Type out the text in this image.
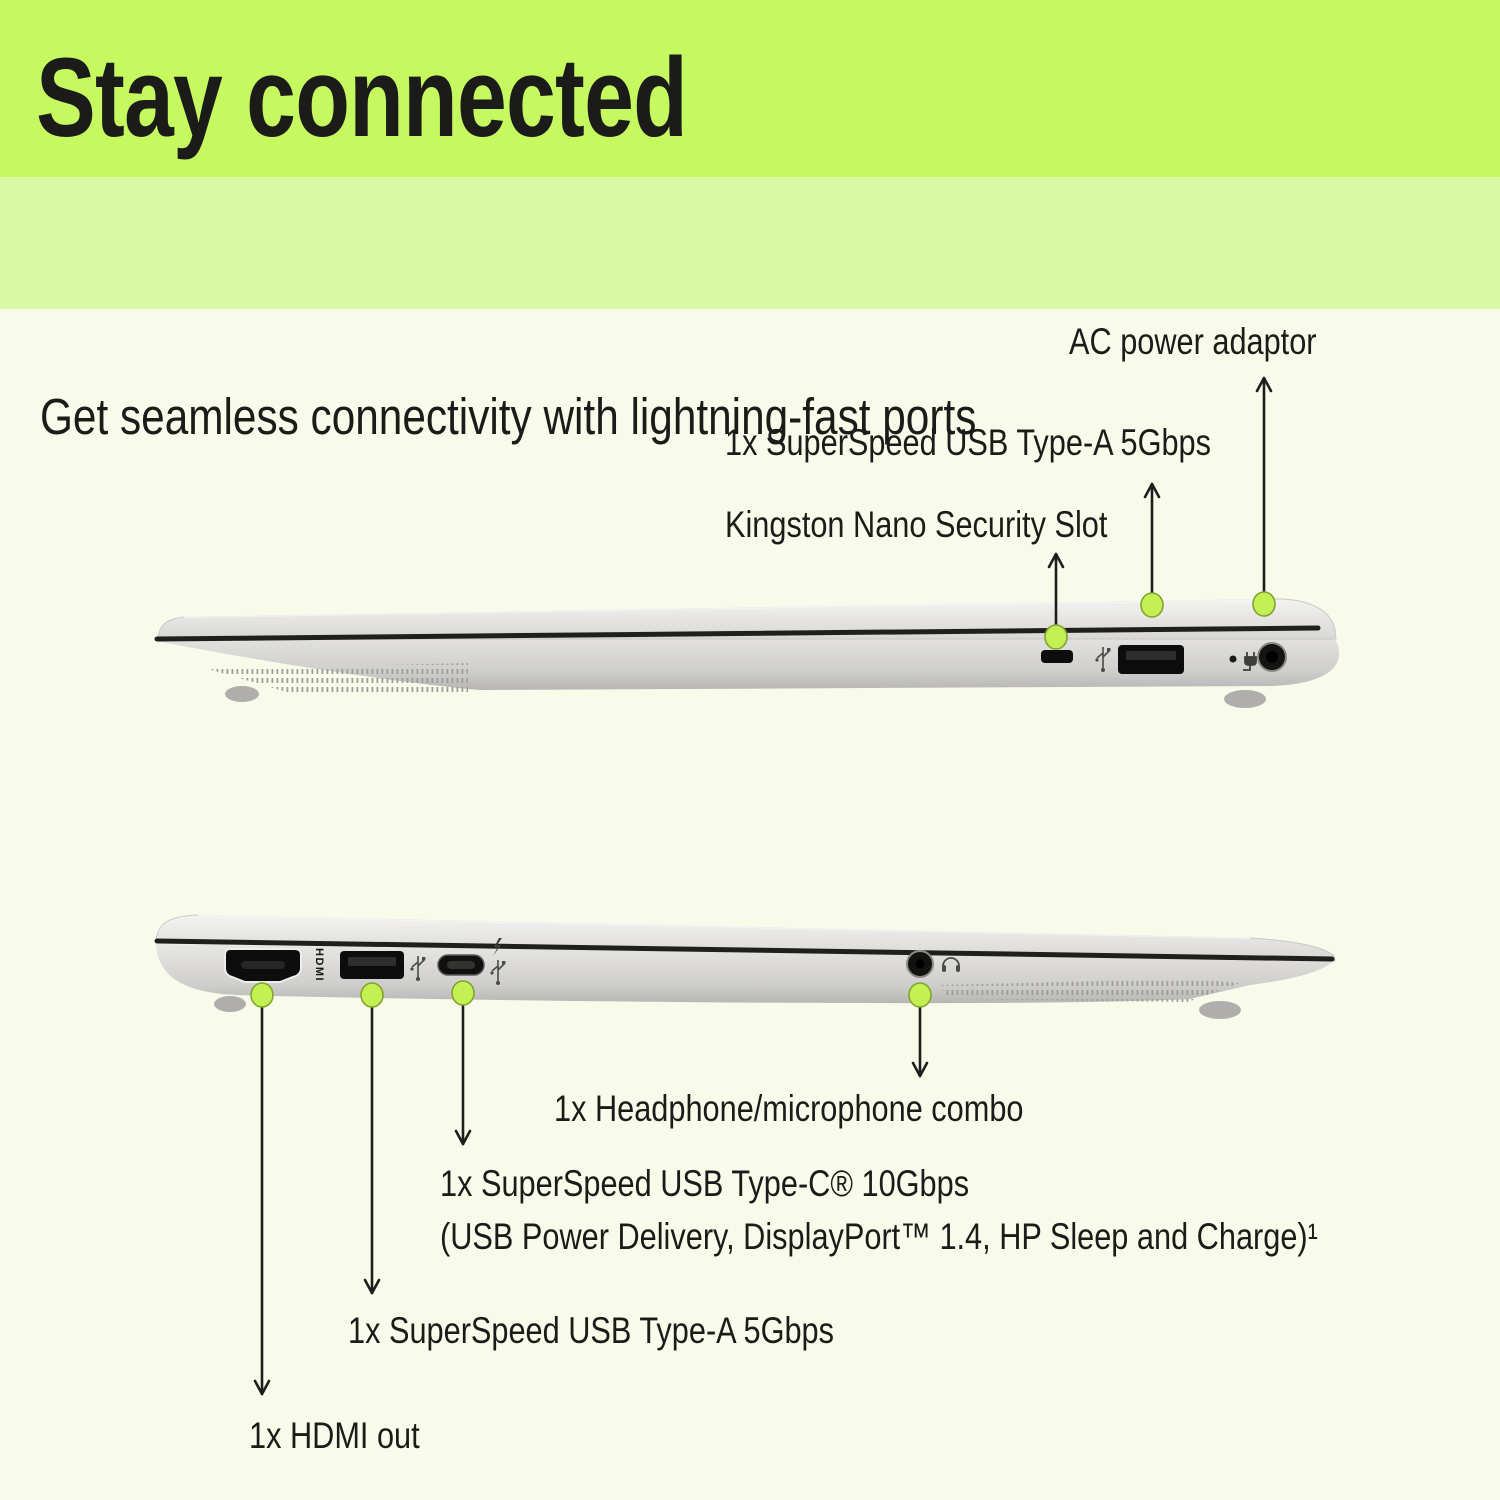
Stay connected

Get seamless connectivity with lightning-fast ports

HDMI
AC power adaptor
1x SuperSpeed USB Type-A 5Gbps
Kingston Nano Security Slot
1x Headphone/microphone combo
1x SuperSpeed USB Type-C® 10Gbps
(USB Power Delivery, DisplayPort™ 1.4, HP Sleep and Charge)¹
1x SuperSpeed USB Type-A 5Gbps
1x HDMI out
